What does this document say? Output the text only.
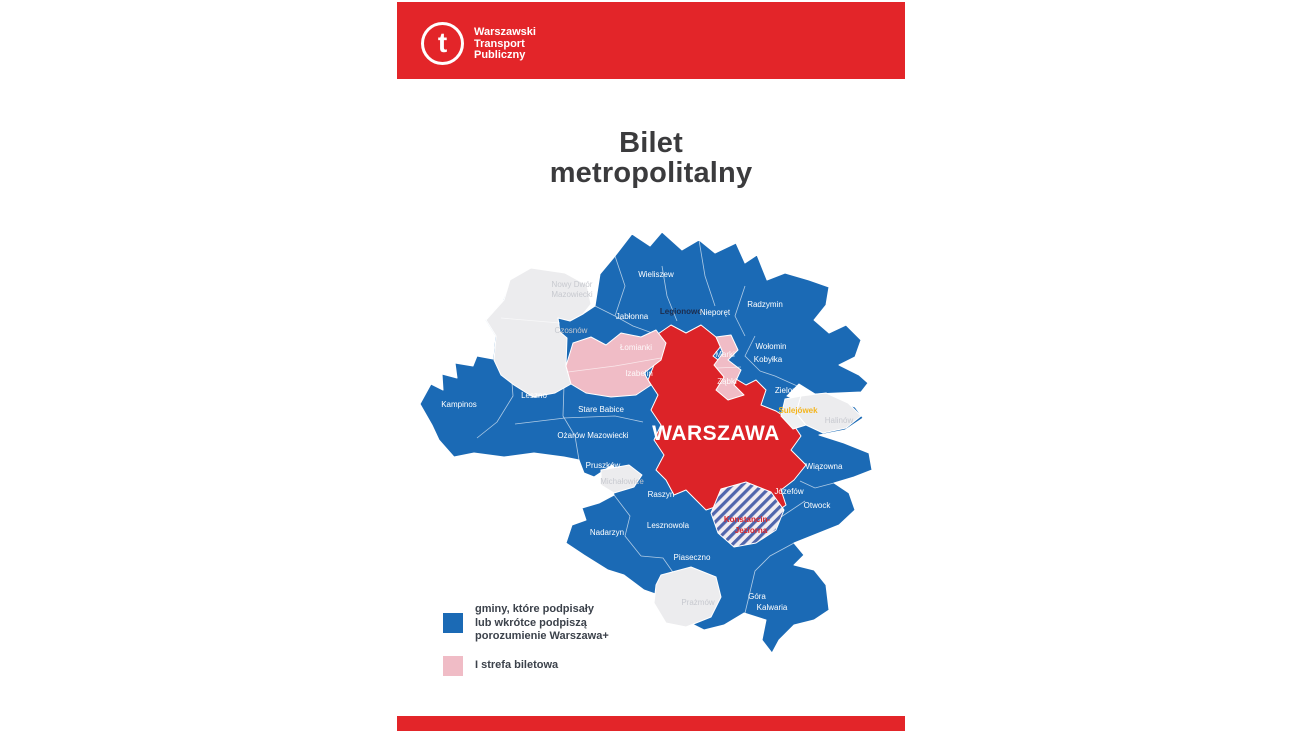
t	Warszawski
Transport
Publiczny
Bilet
metropolitalny
Wieliszew
Nowy Dwór
Mazowiecki
Jabłonna
Legionowo
Nieporęt
Radzymin
Czosnów
Wołomin
Kobyłka
Marki
Ząbki
Łomianki
Izabelin
Zielonka
Sulejówek
Halinów
Wiązowna
Józefów
Otwock
WARSZAWA
Kampinos
Leszno
Stare Babice
Ożarów Mazowiecki
Pruszków
Michałowice
Raszyn
Lesznowola
Nadarzyn
Piaseczno
Konstancin-
Jeziorna
Góra
Kalwaria
Prażmów
gminy, które podpisały
lub wkrótce podpiszą
porozumienie Warszawa+
I strefa biletowa
